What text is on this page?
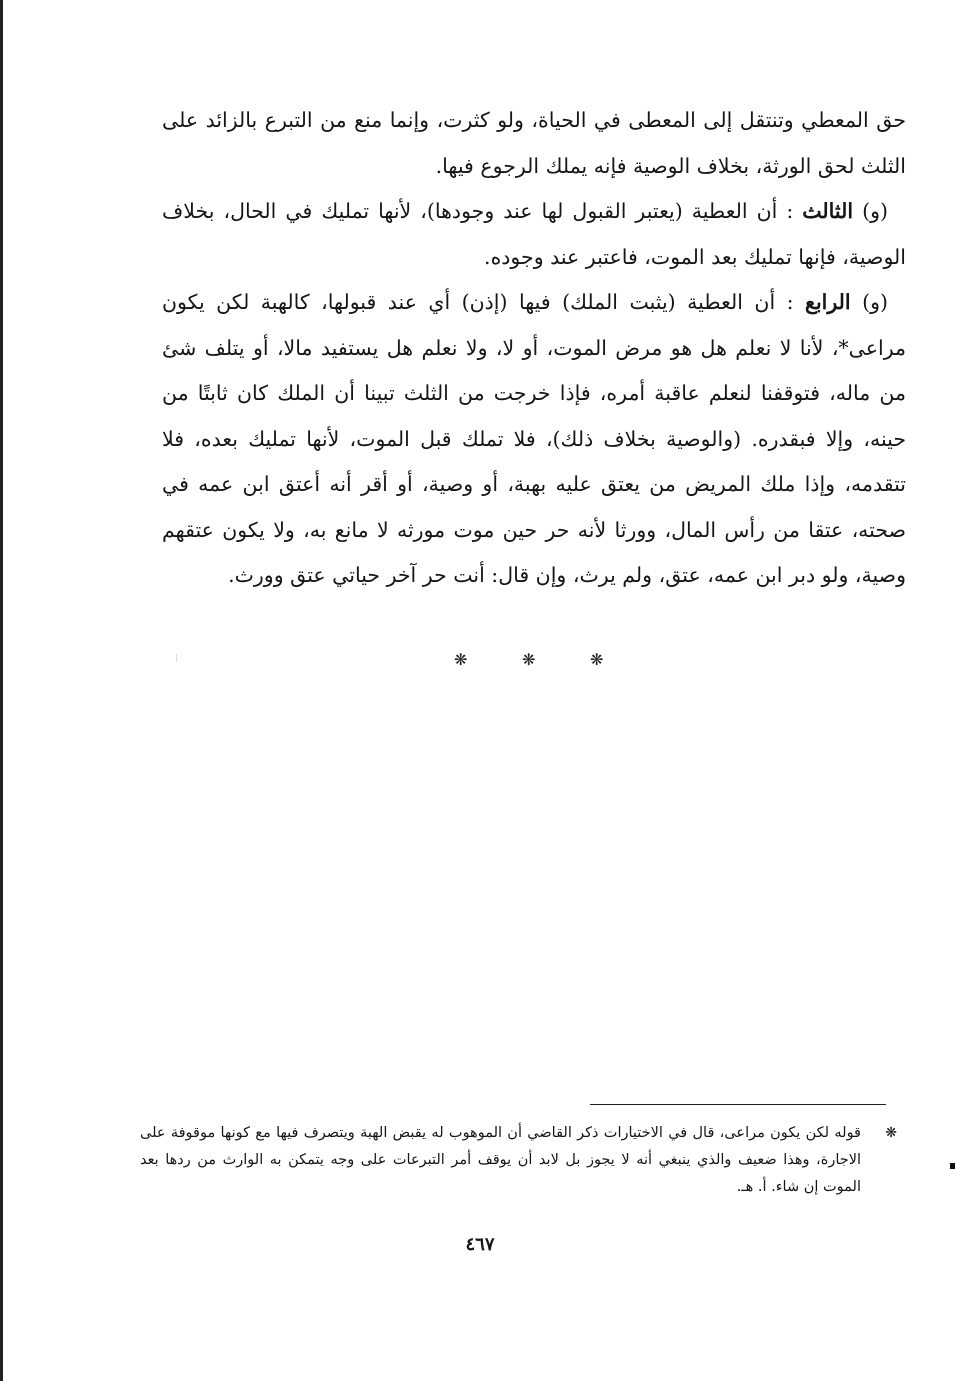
حق المعطي وتنتقل إلى المعطى في الحياة، ولو كثرت، وإنما منع من التبرع بالزائد على الثلث لحق الورثة، بخلاف الوصية فإنه يملك الرجوع فيها.

(و) الثالث : أن العطية (يعتبر القبول لها عند وجودها)، لأنها تمليك في الحال، بخلاف الوصية، فإنها تمليك بعد الموت، فاعتبر عند وجوده.

(و) الرابع : أن العطية (يثبت الملك) فيها (إذن) أي عند قبولها، كالهبة لكن يكون مراعى*، لأنا لا نعلم هل هو مرض الموت، أو لا، ولا نعلم هل يستفيد مالا، أو يتلف شئ من ماله، فتوقفنا لنعلم عاقبة أمره، فإذا خرجت من الثلث تبينا أن الملك كان ثابتًا من حينه، وإلا فبقدره. (والوصية بخلاف ذلك)، فلا تملك قبل الموت، لأنها تمليك بعده، فلا تتقدمه، وإذا ملك المريض من يعتق عليه بهبة، أو وصية، أو أقر أنه أعتق ابن عمه في صحته، عتقا من رأس المال، وورثا لأنه حر حين موت مورثه لا مانع به، ولا يكون عتقهم وصية، ولو دبر ابن عمه، عتق، ولم يرث، وإن قال: أنت حر آخر حياتي عتق وورث.

❋	❋	❋
❋

قوله لكن يكون مراعى، قال في الاختيارات ذكر القاضي أن الموهوب له يقبض الهبة ويتصرف فيها مع كونها موقوفة على الاجارة، وهذا ضعيف والذي ينبغي أنه لا يجوز بل لابد أن يوقف أمر التبرعات على وجه يتمكن به الوارث من ردها بعد الموت إن شاء. أ. هـ.

٤٦٧
